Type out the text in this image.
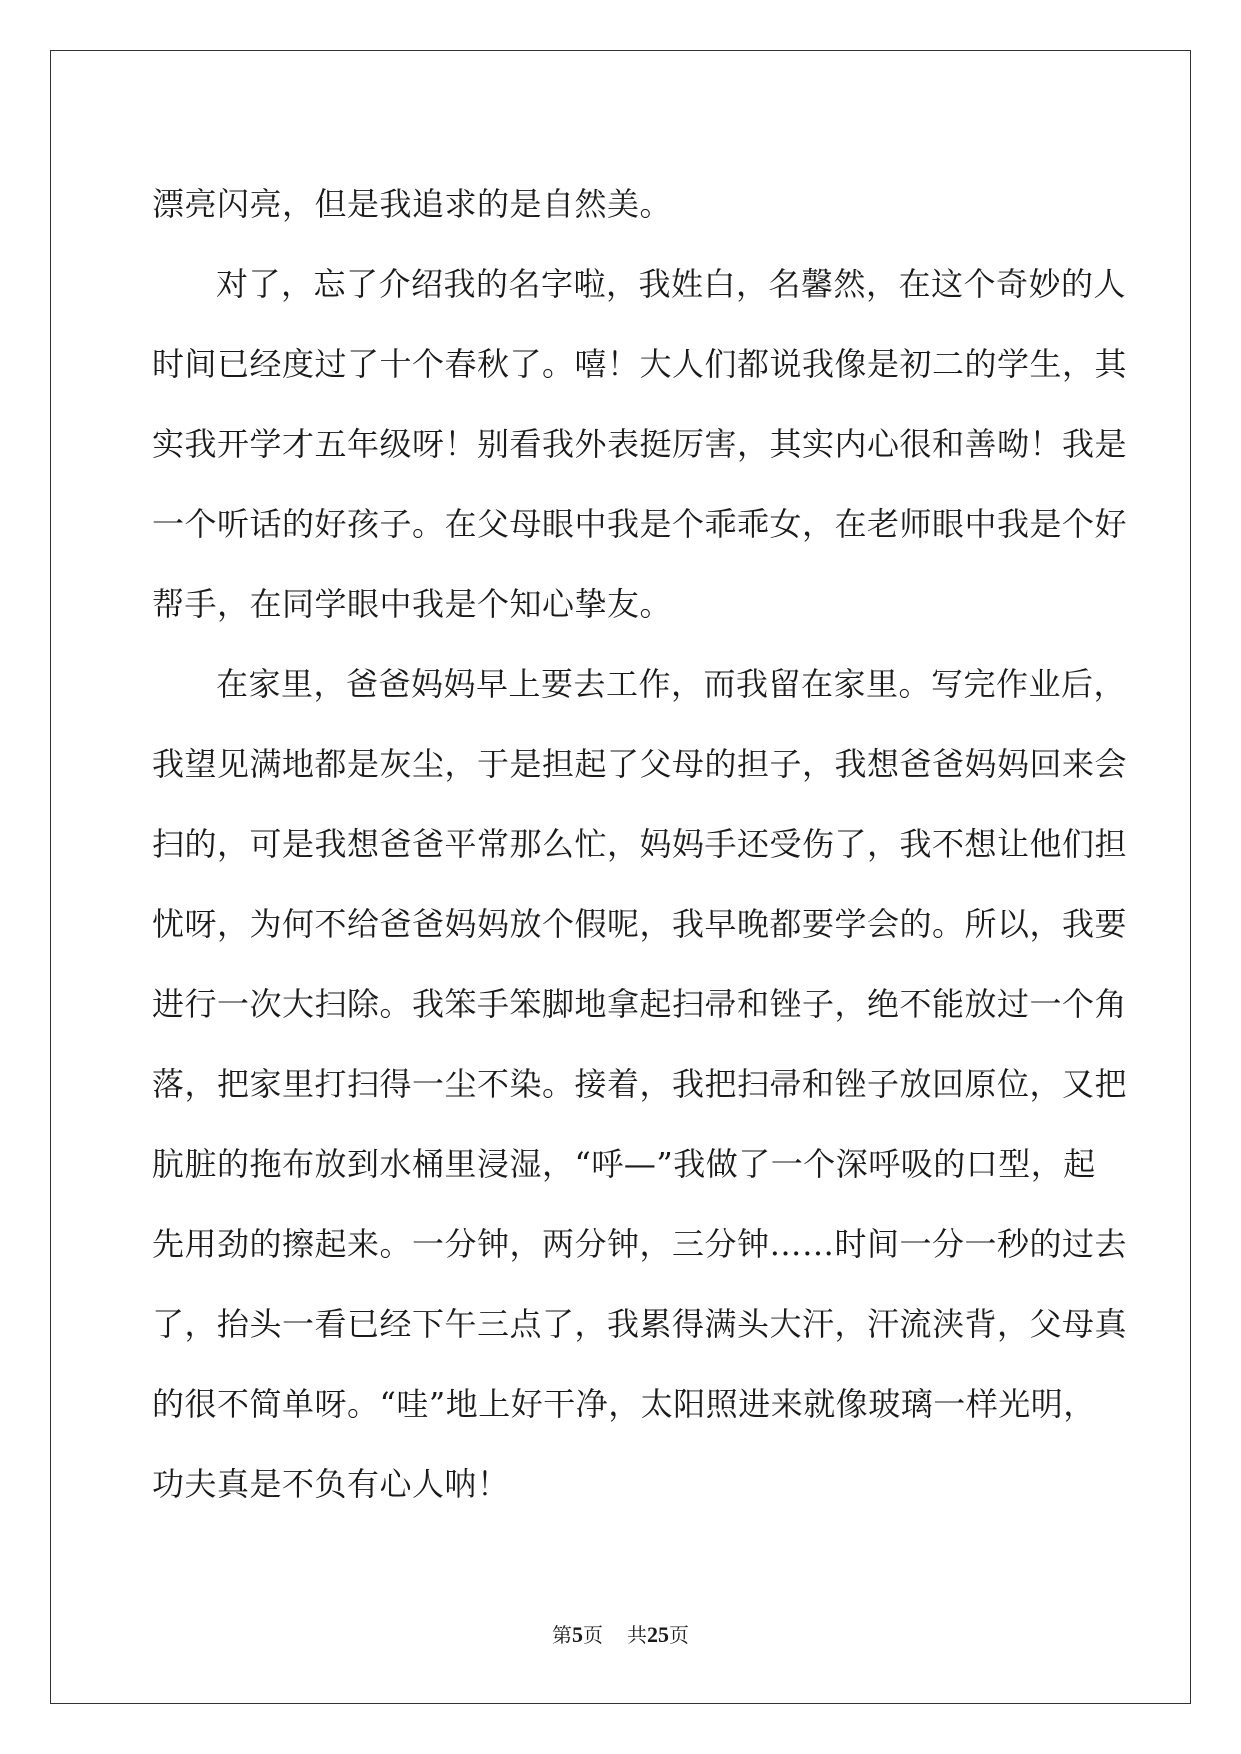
漂亮闪亮，但是我追求的是自然美。
对了，忘了介绍我的名字啦，我姓白，名馨然，在这个奇妙的人
时间已经度过了十个春秋了。嘻！大人们都说我像是初二的学生，其
实我开学才五年级呀！别看我外表挺厉害，其实内心很和善呦！我是
一个听话的好孩子。在父母眼中我是个乖乖女，在老师眼中我是个好
帮手，在同学眼中我是个知心挚友。
在家里，爸爸妈妈早上要去工作，而我留在家里。写完作业后，
我望见满地都是灰尘，于是担起了父母的担子，我想爸爸妈妈回来会
扫的，可是我想爸爸平常那么忙，妈妈手还受伤了，我不想让他们担
忧呀，为何不给爸爸妈妈放个假呢，我早晚都要学会的。所以，我要
进行一次大扫除。我笨手笨脚地拿起扫帚和锉子，绝不能放过一个角
落，把家里打扫得一尘不染。接着，我把扫帚和锉子放回原位，又把
肮脏的拖布放到水桶里浸湿，“呼—”我做了一个深呼吸的口型，起
先用劲的擦起来。一分钟，两分钟，三分钟……时间一分一秒的过去
了，抬头一看已经下午三点了，我累得满头大汗，汗流浃背，父母真
的很不简单呀。“哇”地上好干净，太阳照进来就像玻璃一样光明，
功夫真是不负有心人呐！
第5页 共25页
